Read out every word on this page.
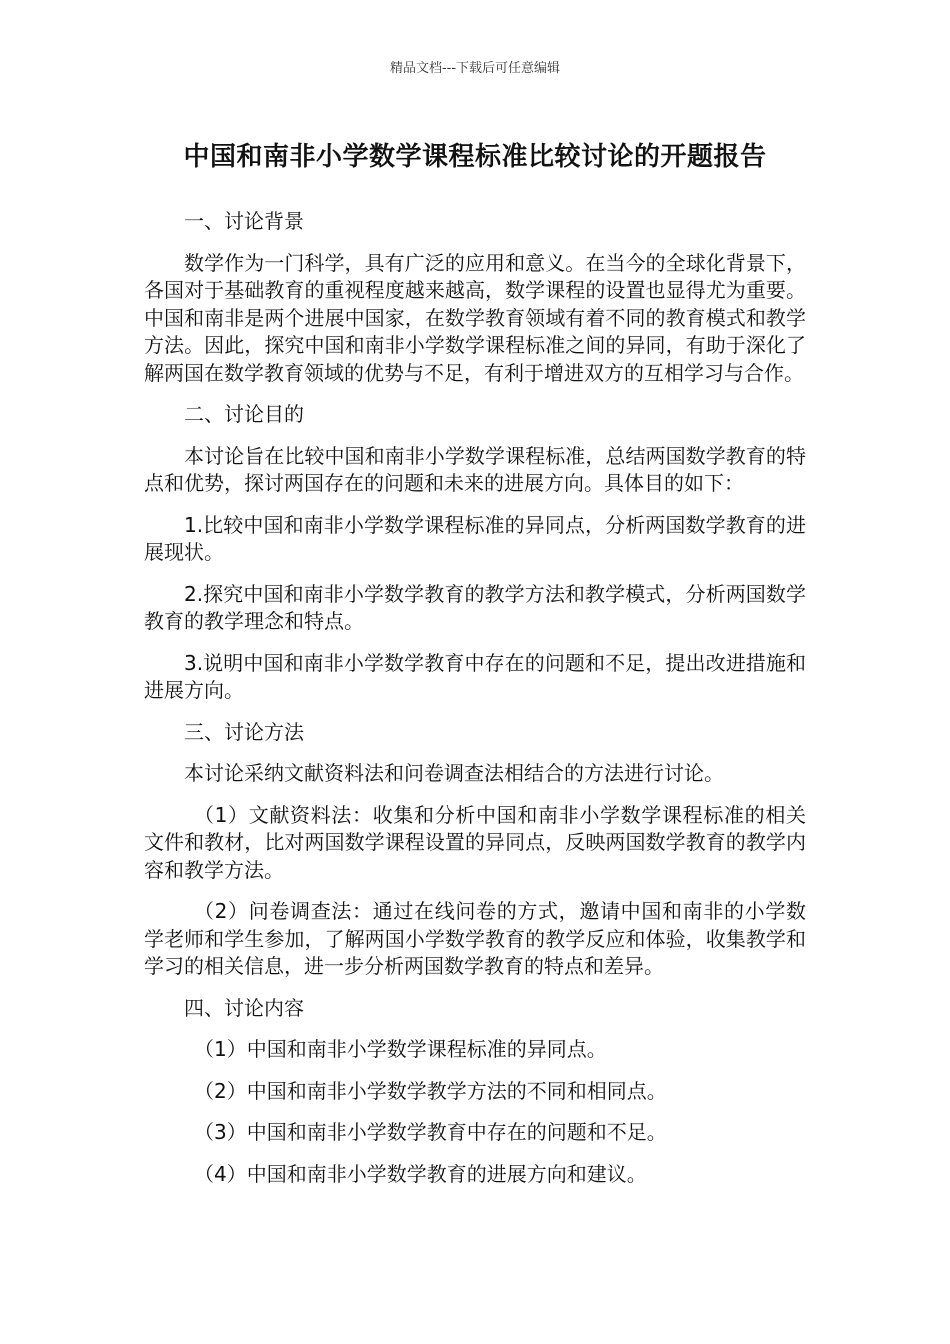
精品文档---下载后可任意编辑
中国和南非小学数学课程标准比较讨论的开题报告
一、讨论背景
数学作为一门科学，具有广泛的应用和意义。在当今的全球化背景下，各国对于基础教育的重视程度越来越高，数学课程的设置也显得尤为重要。中国和南非是两个进展中国家，在数学教育领域有着不同的教育模式和教学方法。因此，探究中国和南非小学数学课程标准之间的异同，有助于深化了解两国在数学教育领域的优势与不足，有利于增进双方的互相学习与合作。
二、讨论目的
本讨论旨在比较中国和南非小学数学课程标准，总结两国数学教育的特点和优势，探讨两国存在的问题和未来的进展方向。具体目的如下：
1.比较中国和南非小学数学课程标准的异同点，分析两国数学教育的进展现状。
2.探究中国和南非小学数学教育的教学方法和教学模式，分析两国数学教育的教学理念和特点。
3.说明中国和南非小学数学教育中存在的问题和不足，提出改进措施和进展方向。
三、讨论方法
本讨论采纳文献资料法和问卷调查法相结合的方法进行讨论。
（1）文献资料法：收集和分析中国和南非小学数学课程标准的相关文件和教材，比对两国数学课程设置的异同点，反映两国数学教育的教学内容和教学方法。
（2）问卷调查法：通过在线问卷的方式，邀请中国和南非的小学数学老师和学生参加，了解两国小学数学教育的教学反应和体验，收集教学和学习的相关信息，进一步分析两国数学教育的特点和差异。
四、讨论内容
（1）中国和南非小学数学课程标准的异同点。
（2）中国和南非小学数学教学方法的不同和相同点。
（3）中国和南非小学数学教育中存在的问题和不足。
（4）中国和南非小学数学教育的进展方向和建议。
